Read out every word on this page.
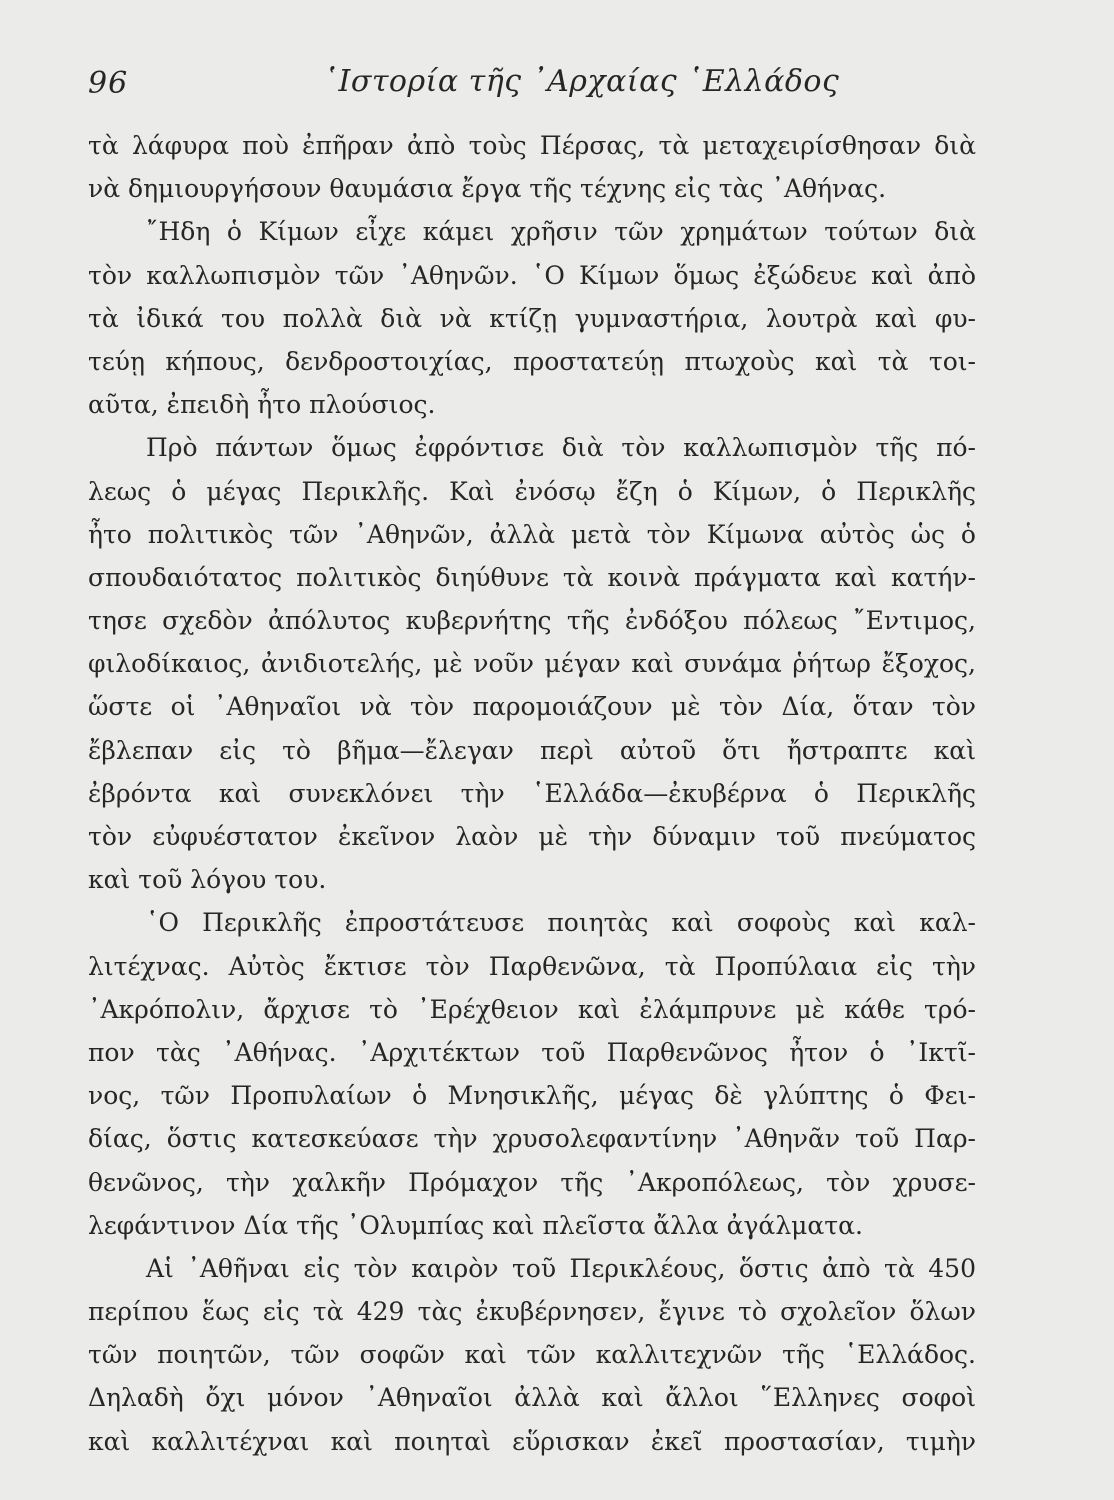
96	῾Ιστορία τῆς ᾿Αρχαίας ῾Ελλάδος
τὰ λάφυρα ποὺ ἐπῆραν ἀπὸ τοὺς Πέρσας, τὰ μεταχειρίσθησαν διὰ
νὰ δημιουργήσουν θαυμάσια ἔργα τῆς τέχνης εἰς τὰς ᾿Αθήνας.
῎Ηδη ὁ Κίμων εἶχε κάμει χρῆσιν τῶν χρημάτων τούτων διὰ
τὸν καλλωπισμὸν τῶν ᾿Αθηνῶν. ῾Ο Κίμων ὅμως ἐξώδευε καὶ ἀπὸ
τὰ ἰδικά του πολλὰ διὰ νὰ κτίζῃ γυμναστήρια, λουτρὰ καὶ φυ-
τεύῃ κήπους, δενδροστοιχίας, προστατεύῃ πτωχοὺς καὶ τὰ τοι-
αῦτα, ἐπειδὴ ἦτο πλούσιος.
Πρὸ πάντων ὅμως ἐφρόντισε διὰ τὸν καλλωπισμὸν τῆς πό-
λεως ὁ μέγας Περικλῆς. Καὶ ἐνόσῳ ἔζη ὁ Κίμων, ὁ Περικλῆς
ἦτο πολιτικὸς τῶν ᾿Αθηνῶν, ἀλλὰ μετὰ τὸν Κίμωνα αὐτὸς ὡς ὁ
σπουδαιότατος πολιτικὸς διηύθυνε τὰ κοινὰ πράγματα καὶ κατήν-
τησε σχεδὸν ἀπόλυτος κυβερνήτης τῆς ἐνδόξου πόλεως ῎Εντιμος,
φιλοδίκαιος, ἀνιδιοτελής, μὲ νοῦν μέγαν καὶ συνάμα ῥήτωρ ἔξοχος,
ὥστε οἱ ᾿Αθηναῖοι νὰ τὸν παρομοιάζουν μὲ τὸν Δία, ὅταν τὸν
ἔβλεπαν εἰς τὸ βῆμα—ἔλεγαν περὶ αὐτοῦ ὅτι ἤστραπτε καὶ
ἐβρόντα καὶ συνεκλόνει τὴν ῾Ελλάδα—ἐκυβέρνα ὁ Περικλῆς
τὸν εὐφυέστατον ἐκεῖνον λαὸν μὲ τὴν δύναμιν τοῦ πνεύματος
καὶ τοῦ λόγου του.
῾Ο Περικλῆς ἐπροστάτευσε ποιητὰς καὶ σοφοὺς καὶ καλ-
λιτέχνας. Αὐτὸς ἔκτισε τὸν Παρθενῶνα, τὰ Προπύλαια εἰς τὴν
᾿Ακρόπολιν, ἄρχισε τὸ ᾿Ερέχθειον καὶ ἐλάμπρυνε μὲ κάθε τρό-
πον τὰς ᾿Αθήνας. ᾿Αρχιτέκτων τοῦ Παρθενῶνος ἦτον ὁ ᾿Ικτῖ-
νος, τῶν Προπυλαίων ὁ Μνησικλῆς, μέγας δὲ γλύπτης ὁ Φει-
δίας, ὅστις κατεσκεύασε τὴν χρυσολεφαντίνην ᾿Αθηνᾶν τοῦ Παρ-
θενῶνος, τὴν χαλκῆν Πρόμαχον τῆς ᾿Ακροπόλεως, τὸν χρυσε-
λεφάντινον Δία τῆς ᾿Ολυμπίας καὶ πλεῖστα ἄλλα ἀγάλματα.
Αἱ ᾿Αθῆναι εἰς τὸν καιρὸν τοῦ Περικλέους, ὅστις ἀπὸ τὰ 450
περίπου ἕως εἰς τὰ 429 τὰς ἐκυβέρνησεν, ἔγινε τὸ σχολεῖον ὅλων
τῶν ποιητῶν, τῶν σοφῶν καὶ τῶν καλλιτεχνῶν τῆς ῾Ελλάδος.
Δηλαδὴ ὄχι μόνον ᾿Αθηναῖοι ἀλλὰ καὶ ἄλλοι ῞Ελληνες σοφοὶ
καὶ καλλιτέχναι καὶ ποιηταὶ εὕρισκαν ἐκεῖ προστασίαν, τιμὴν
